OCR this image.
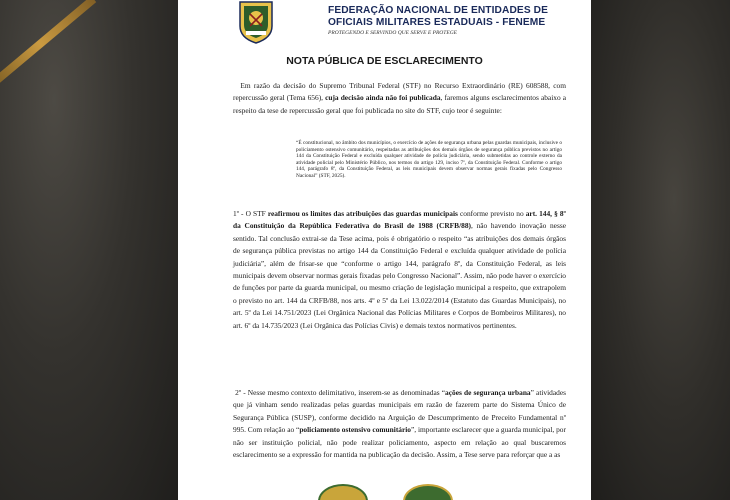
FEDERAÇÃO NACIONAL DE ENTIDADES DE
OFICIAIS MILITARES ESTADUAIS - FENEME
PROTEGENDO E SERVINDO QUE SERVE E PROTEGE
NOTA PÚBLICA DE ESCLARECIMENTO
 Em razão da decisão do Supremo Tribunal Federal (STF) no Recurso Extraordinário (RE) 608588, com repercussão geral (Tema 656), cuja decisão ainda não foi publicada, faremos alguns esclarecimentos abaixo a respeito da tese de repercussão geral que foi publicada no site do STF, cujo teor é seguinte:
“É constitucional, no âmbito dos municípios, o exercício de ações de segurança urbana pelas guardas municipais, inclusive o policiamento ostensivo comunitário, respeitadas as atribuições dos demais órgãos de segurança pública previstos no artigo 144 da Constituição Federal e excluída qualquer atividade de polícia judiciária, sendo submetidas ao controle externo da atividade policial pelo Ministério Público, nos termos do artigo 129, inciso 7º, da Constituição Federal. Conforme o artigo 144, parágrafo 8º, da Constituição Federal, as leis municipais devem observar normas gerais fixadas pelo Congresso Nacional” (STF, 2025).
1º - O STF reafirmou os limites das atribuições das guardas municipais conforme previsto no art. 144, § 8º da Constituição da República Federativa do Brasil de 1988 (CRFB/88), não havendo inovação nesse sentido. Tal conclusão extrai-se da Tese acima, pois é obrigatório o respeito “as atribuições dos demais órgãos de segurança pública previstas no artigo 144 da Constituição Federal e excluída qualquer atividade de polícia judiciária”, além de frisar-se que “conforme o artigo 144, parágrafo 8º, da Constituição Federal, as leis municipais devem observar normas gerais fixadas pelo Congresso Nacional”. Assim, não pode haver o exercício de funções por parte da guarda municipal, ou mesmo criação de legislação municipal a respeito, que extrapolem o previsto no art. 144 da CRFB/88, nos arts. 4º e 5º da Lei 13.022/2014 (Estatuto das Guardas Municipais), no art. 5º da Lei 14.751/2023 (Lei Orgânica Nacional das Polícias Militares e Corpos de Bombeiros Militares), no art. 6º da 14.735/2023 (Lei Orgânica das Polícias Civis) e demais textos normativos pertinentes.
2º - Nesse mesmo contexto delimitativo, inserem-se as denominadas “ações de segurança urbana” atividades que já vinham sendo realizadas pelas guardas municipais em razão de fazerem parte do Sistema Único de Segurança Pública (SUSP), conforme decidido na Arguição de Descumprimento de Preceito Fundamental nº 995. Com relação ao “policiamento ostensivo comunitário”, importante esclarecer que a guarda municipal, por não ser instituição policial, não pode realizar policiamento, aspecto em relação ao qual buscaremos esclarecimento se a expressão for mantida na publicação da decisão. Assim, a Tese serve para reforçar que a as
